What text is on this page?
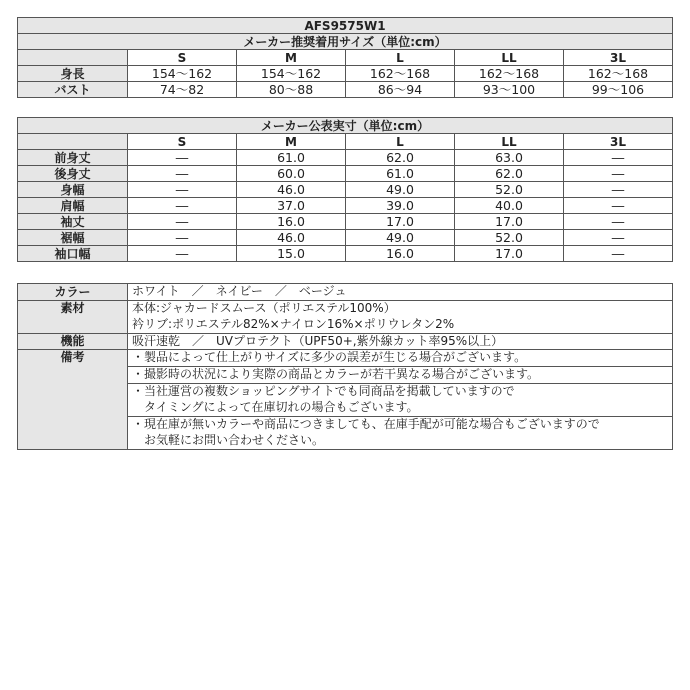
AFS9575W1					
メーカー推奨着用サイズ（単位:cm）					
	S	M	L	LL	3L
身長	154～162	154～162	162～168	162～168	162～168
バスト	74～82	80～88	86～94	93～100	99～106
メーカー公表実寸（単位:cm）					
	S	M	L	LL	3L
前身丈	―	61.0	62.0	63.0	―
後身丈	―	60.0	61.0	62.0	―
身幅	―	46.0	49.0	52.0	―
肩幅	―	37.0	39.0	40.0	―
袖丈	―	16.0	17.0	17.0	―
裾幅	―	46.0	49.0	52.0	―
袖口幅	―	15.0	16.0	17.0	―
カラー	ホワイト　／　ネイビー　／　ベージュ
素材	本体:ジャカードスムース（ポリエステル100%）
衿リブ:ポリエステル82%×ナイロン16%×ポリウレタン2%

機能	吸汗速乾　／　UVプロテクト（UPF50+,紫外線カット率95%以上）
備考	・製品によって仕上がりサイズに多少の誤差が生じる場合がございます。

	・撮影時の状況により実際の商品とカラーが若干異なる場合がございます。

	・当社運営の複数ショッピングサイトでも同商品を掲載していますので
　タイミングによって在庫切れの場合もございます。

	・現在庫が無いカラーや商品につきましても、在庫手配が可能な場合もございますので
　お気軽にお問い合わせください。
